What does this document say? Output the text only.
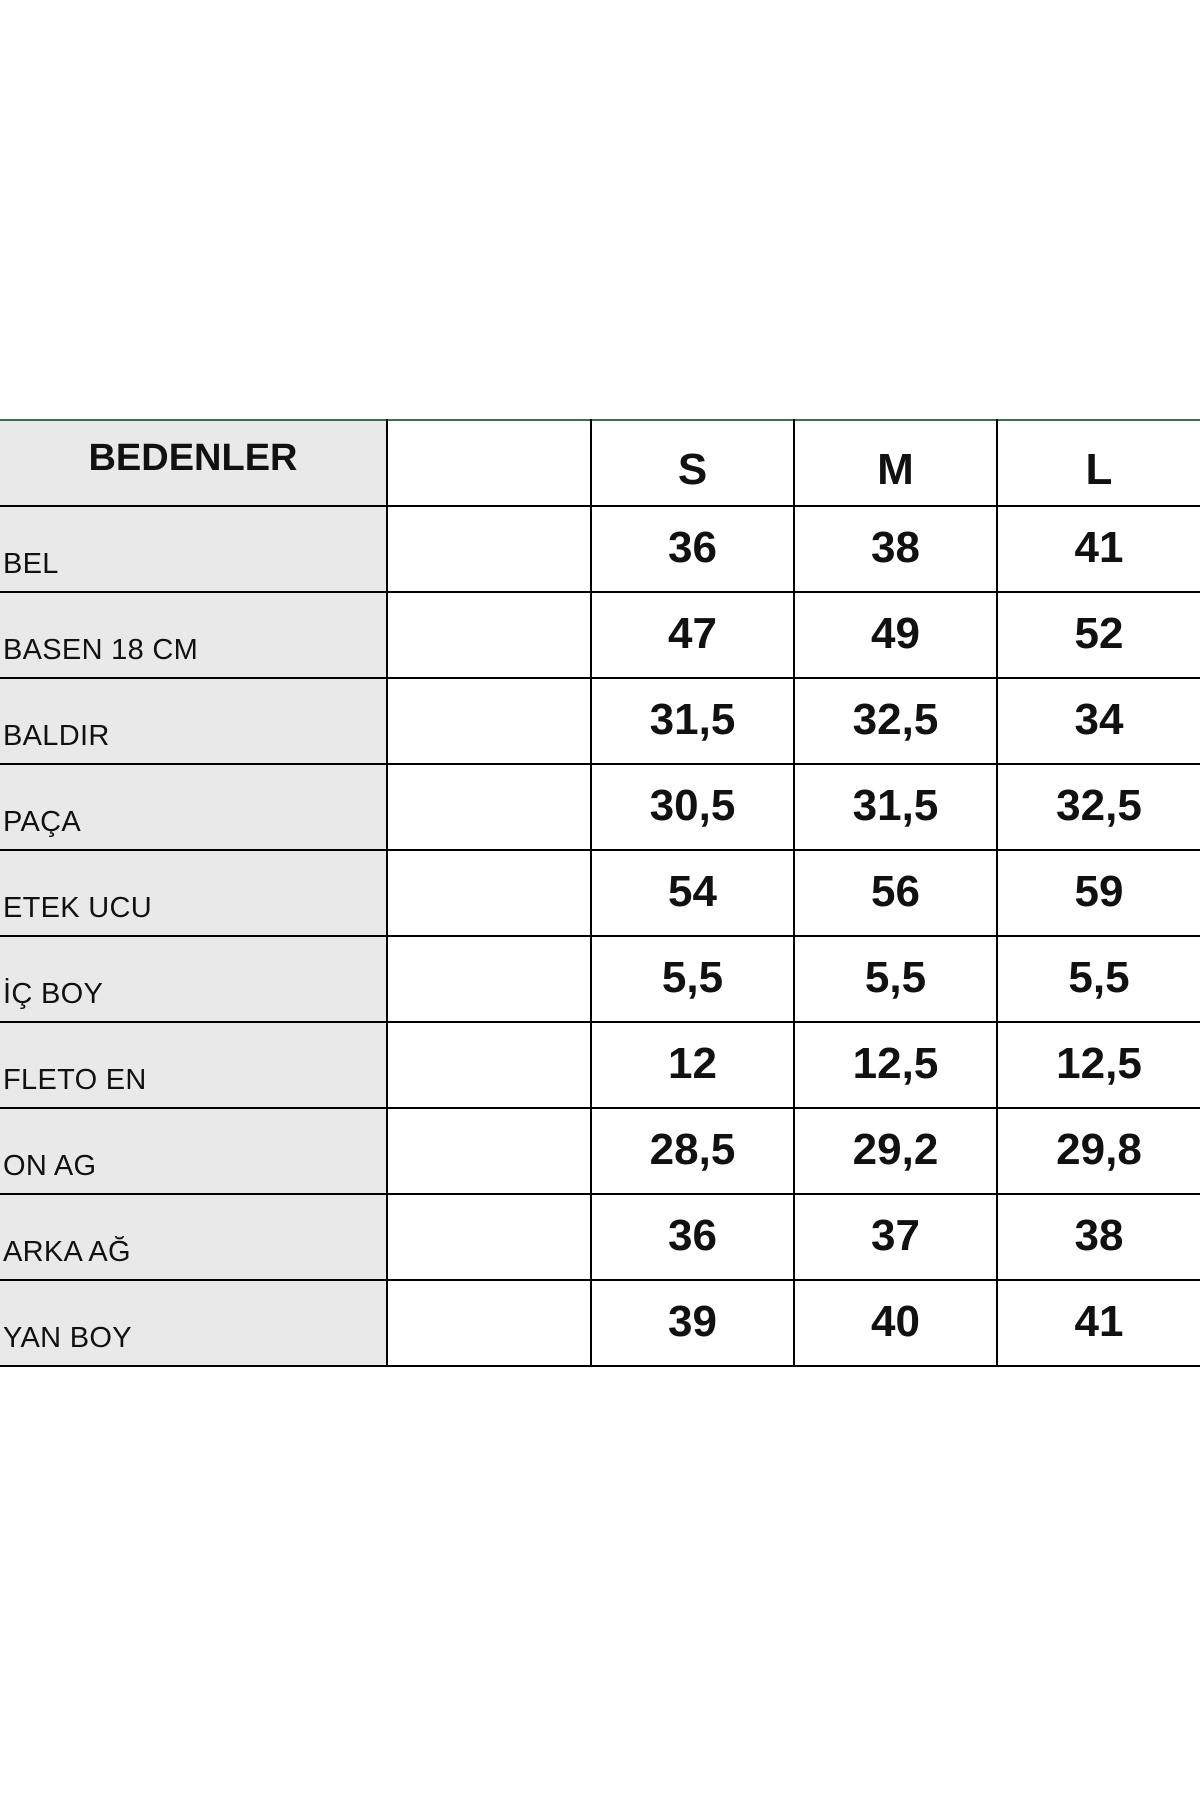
BEDENLER		S	M	L
BEL		36	38	41
BASEN 18 CM		47	49	52
BALDIR		31,5	32,5	34
PAÇA		30,5	31,5	32,5
ETEK UCU		54	56	59
İÇ BOY		5,5	5,5	5,5
FLETO EN		12	12,5	12,5
ON AG		28,5	29,2	29,8
ARKA AĞ		36	37	38
YAN BOY		39	40	41
